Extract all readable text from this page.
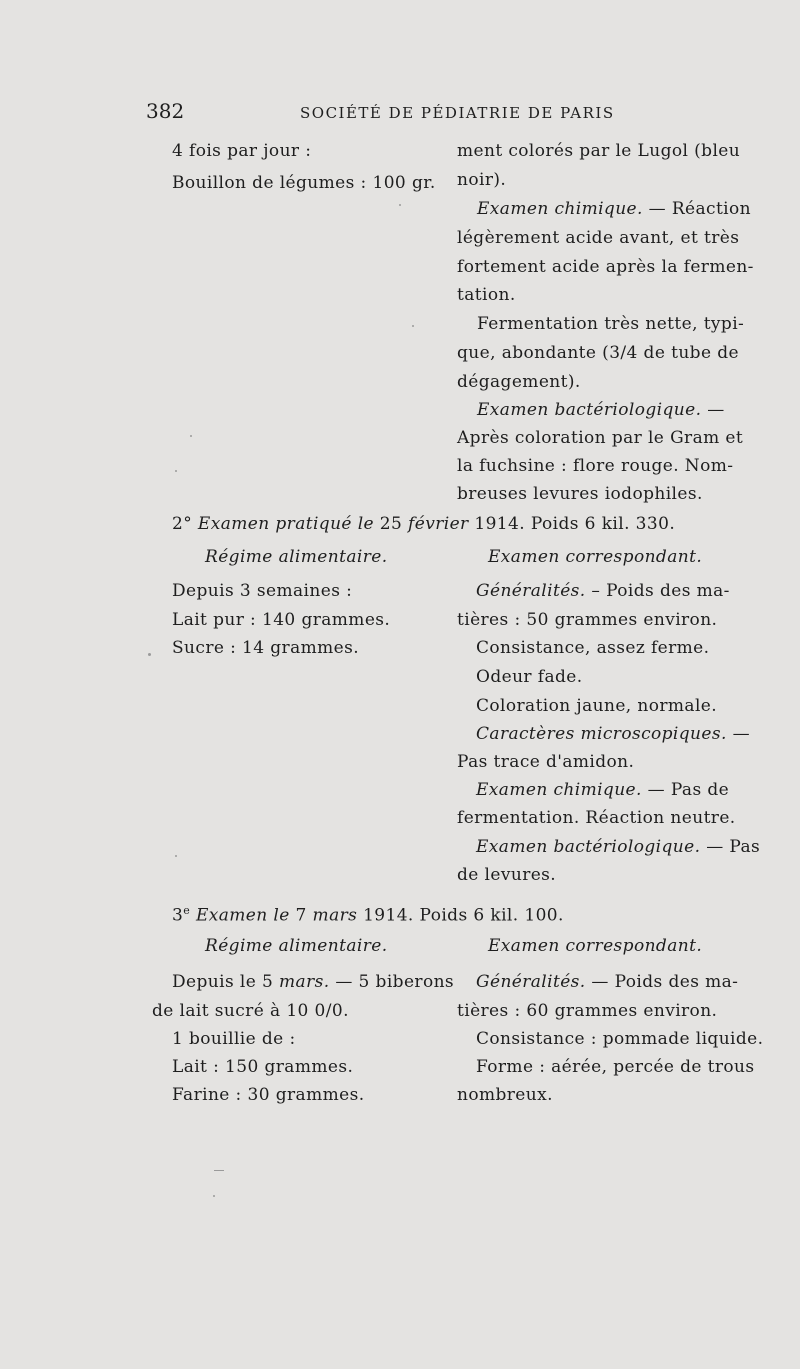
382	SOCIÉTÉ DE PÉDIATRIE DE PARIS
4 fois par jour :
Bouillon de légumes : 100 gr.
ment colorés par le Lugol (bleu
noir).
Examen chimique. — Réaction
légèrement acide avant, et très
fortement acide après la fermen-
tation.
Fermentation très nette, typi-
que, abondante (3/4 de tube de
dégagement).
Examen bactériologique. —
Après coloration par le Gram et
la fuchsine : flore rouge. Nom-
breuses levures iodophiles.
2° Examen pratiqué le 25 février 1914. Poids 6 kil. 330.
Régime alimentaire.	Examen correspondant.
Depuis 3 semaines :
Lait pur : 140 grammes.
Sucre : 14 grammes.
Généralités. – Poids des ma-
tières : 50 grammes environ.
Consistance, assez ferme.
Odeur fade.
Coloration jaune, normale.
Caractères microscopiques. —
Pas trace d'amidon.
Examen chimique. — Pas de
fermentation. Réaction neutre.
Examen bactériologique. — Pas
de levures.
3e Examen le 7 mars 1914. Poids 6 kil. 100.
Régime alimentaire.	Examen correspondant.
Depuis le 5 mars. — 5 biberons
de lait sucré à 10 0/0.
1 bouillie de :
Lait : 150 grammes.
Farine : 30 grammes.
Généralités. — Poids des ma-
tières : 60 grammes environ.
Consistance : pommade liquide.
Forme : aérée, percée de trous
nombreux.
